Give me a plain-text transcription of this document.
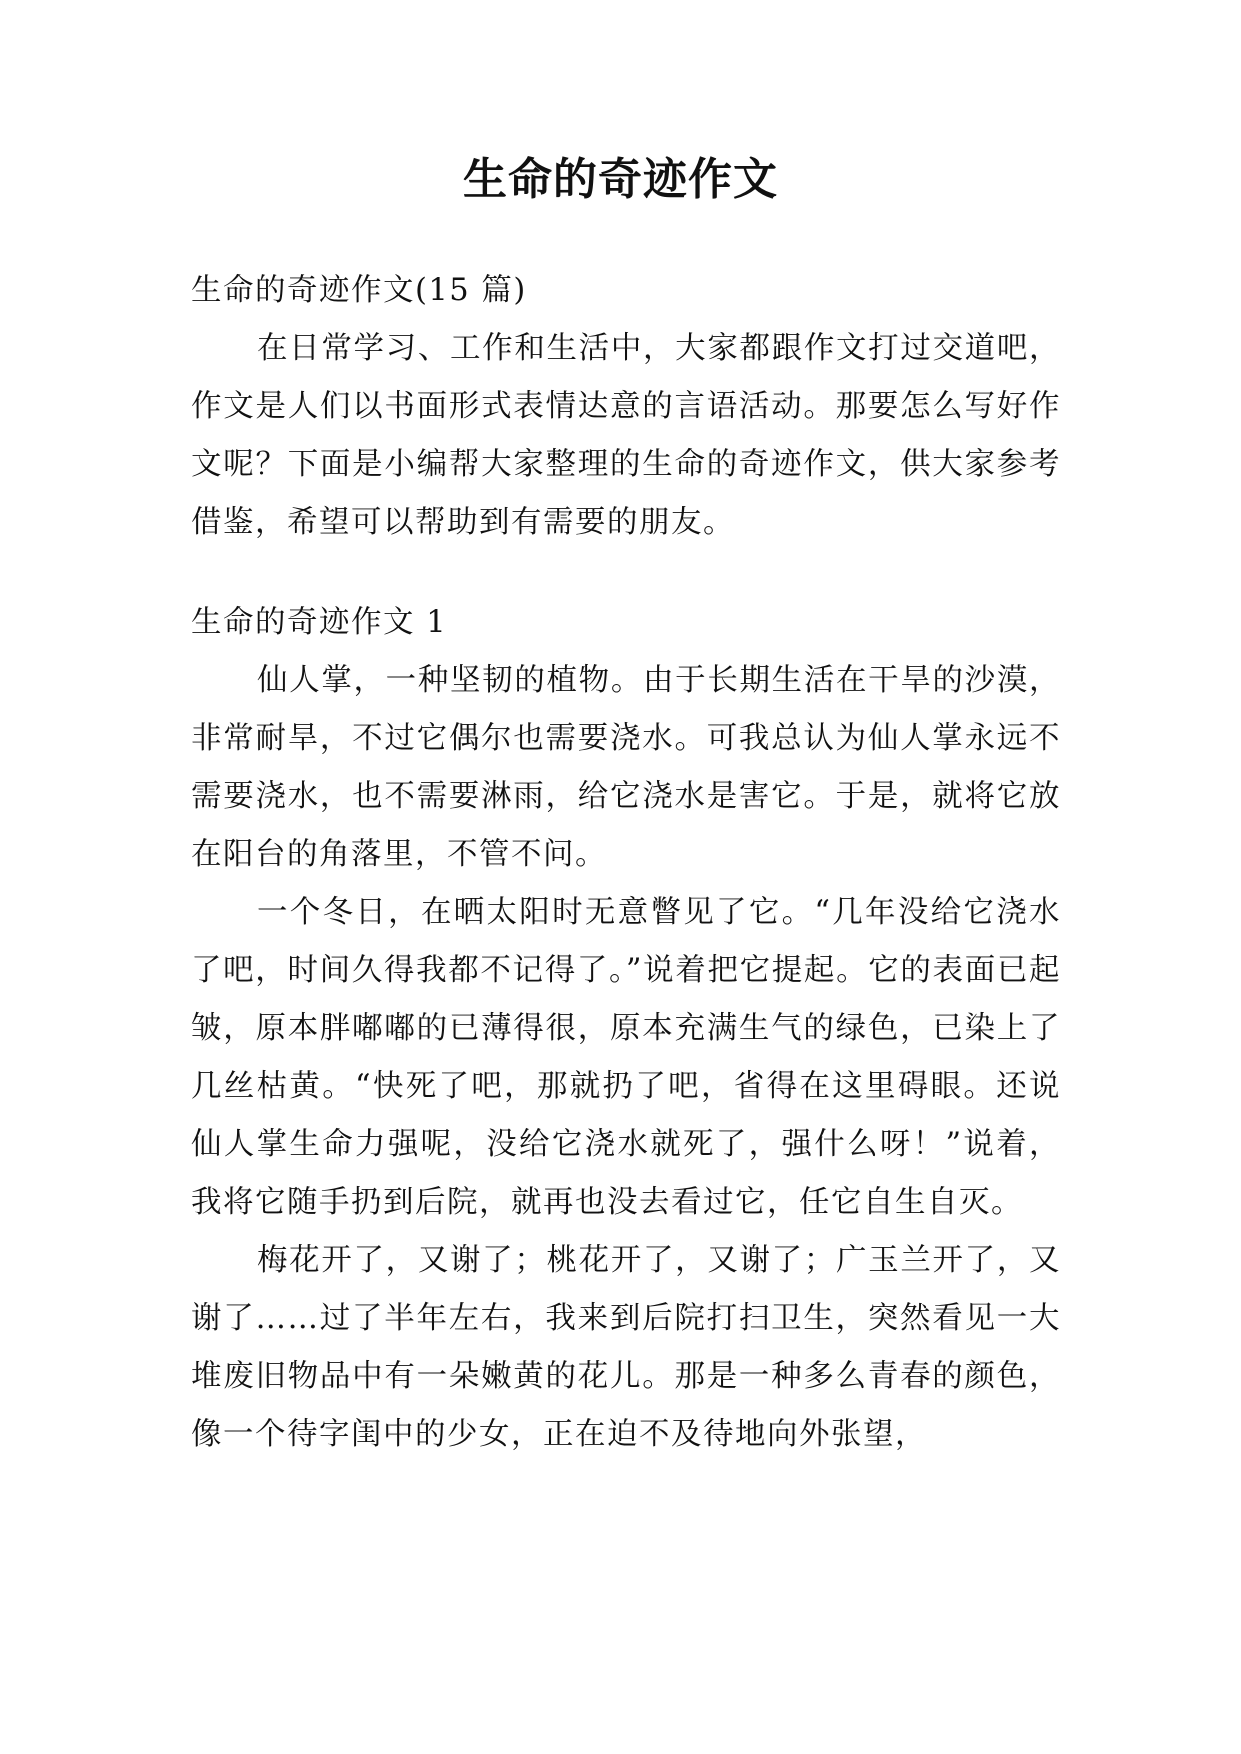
生命的奇迹作文

生命的奇迹作文(15 篇)

在日常学习、工作和生活中，大家都跟作文打过交道吧，作文是人们以书面形式表情达意的言语活动。那要怎么写好作文呢？下面是小编帮大家整理的生命的奇迹作文，供大家参考借鉴，希望可以帮助到有需要的朋友。

生命的奇迹作文 1

仙人掌，一种坚韧的植物。由于长期生活在干旱的沙漠，非常耐旱，不过它偶尔也需要浇水。可我总认为仙人掌永远不需要浇水，也不需要淋雨，给它浇水是害它。于是，就将它放在阳台的角落里，不管不问。

一个冬日，在晒太阳时无意瞥见了它。“几年没给它浇水了吧，时间久得我都不记得了。”说着把它提起。它的表面已起皱，原本胖嘟嘟的已薄得很，原本充满生气的绿色，已染上了几丝枯黄。“快死了吧，那就扔了吧，省得在这里碍眼。还说仙人掌生命力强呢，没给它浇水就死了，强什么呀！”说着，我将它随手扔到后院，就再也没去看过它，任它自生自灭。

梅花开了，又谢了；桃花开了，又谢了；广玉兰开了，又谢了……过了半年左右，我来到后院打扫卫生，突然看见一大堆废旧物品中有一朵嫩黄的花儿。那是一种多么青春的颜色，像一个待字闺中的少女，正在迫不及待地向外张望，
